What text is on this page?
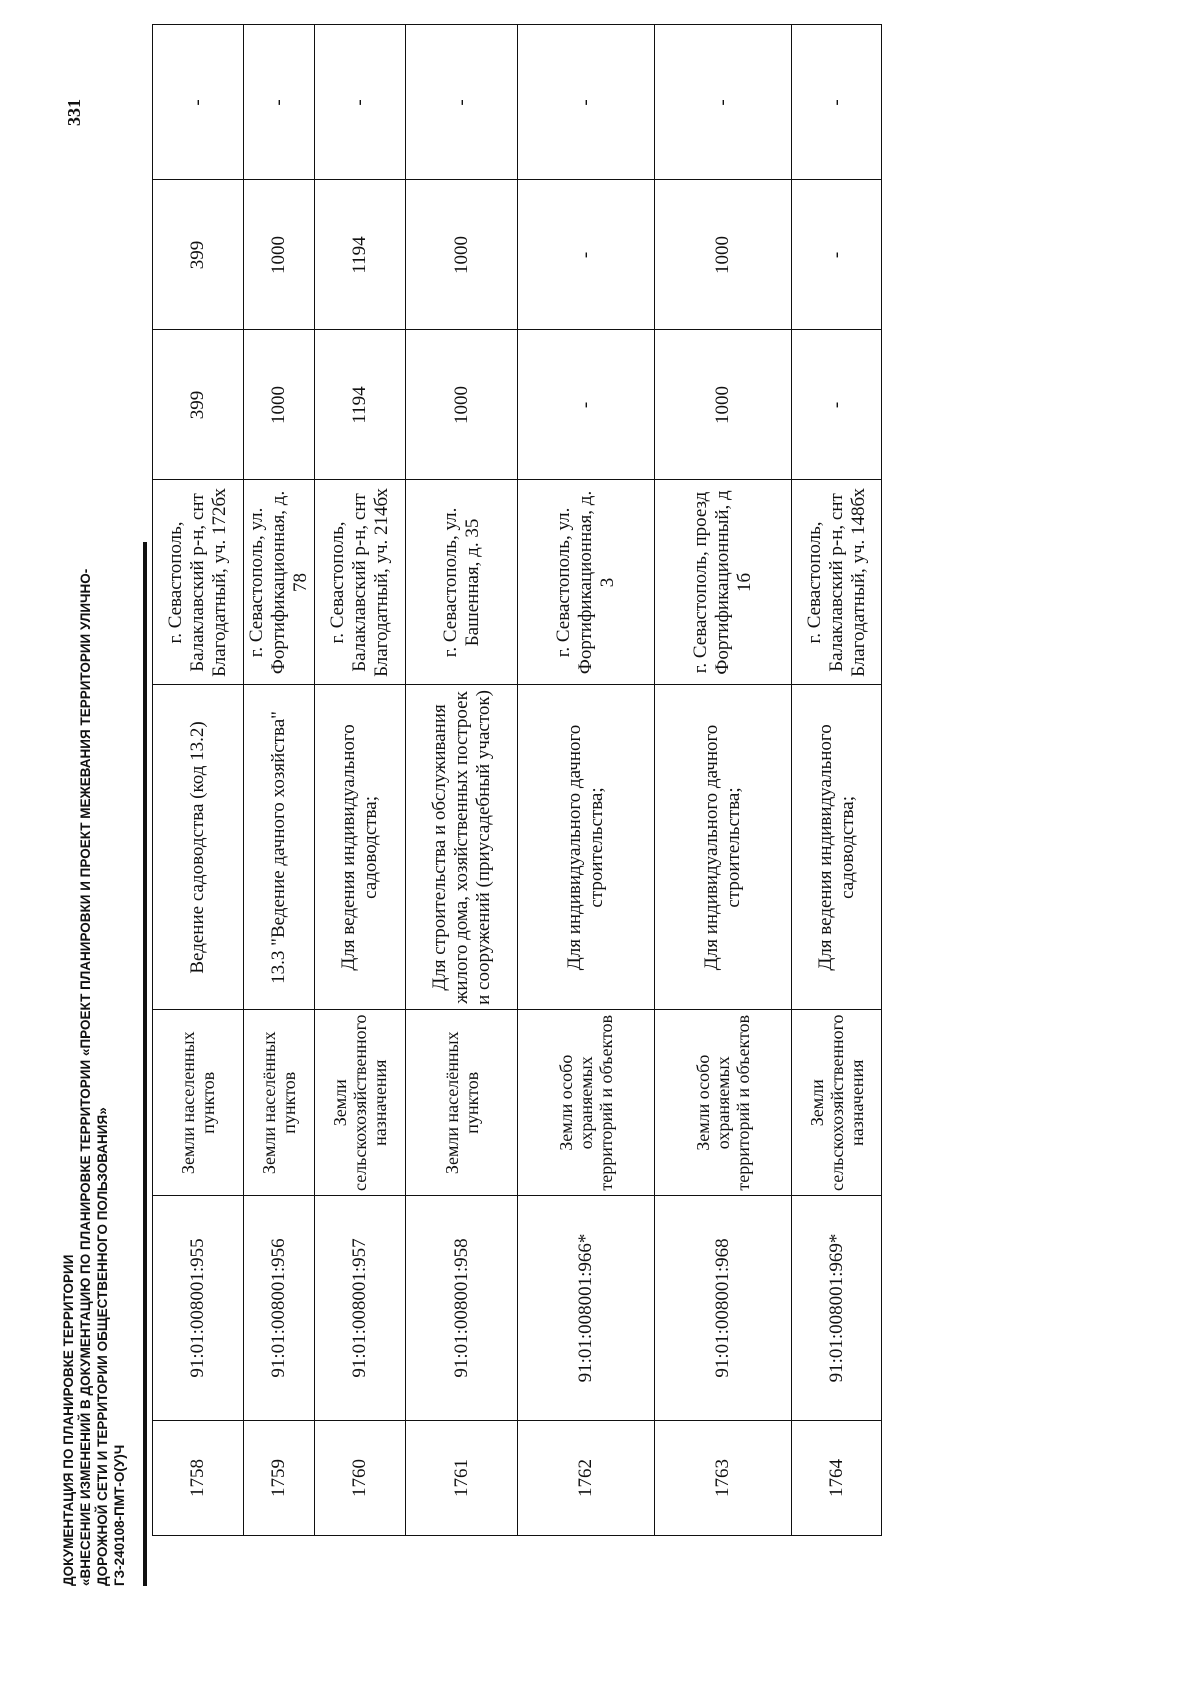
331
ДОКУМЕНТАЦИЯ ПО ПЛАНИРОВКЕ ТЕРРИТОРИИ «ВНЕСЕНИЕ ИЗМЕНЕНИЙ В ДОКУМЕНТАЦИЮ ПО ПЛАНИРОВКЕ ТЕРРИТОРИИ «ПРОЕКТ ПЛАНИРОВКИ И ПРОЕКТ МЕЖЕВАНИЯ ТЕРРИТОРИИ УЛИЧНО- ДОРОЖНОЙ СЕТИ И ТЕРРИТОРИИ ОБЩЕСТВЕННОГО ПОЛЬЗОВАНИЯ» ГЗ-240108-ПМТ-О(У)Ч	1758	91:01:008001:955	Земли населенных пунктов	Ведение садоводства (код 13.2)	г. Севастополь, Балаклавский р-н, снт Благодатный, уч. 172бх	399	399	-
1759	91:01:008001:956	Земли населённых пунктов	13.3 "Ведение дачного хозяйства"	г. Севастополь, ул. Фортификационная, д. 78	1000	1000	-
1760	91:01:008001:957	Земли сельскохозяйственного назначения	Для ведения индивидуального садоводства;	г. Севастополь, Балаклавский р-н, снт Благодатный, уч. 214бх	1194	1194	-
1761	91:01:008001:958	Земли населённых пунктов	Для строительства и обслуживания жилого дома, хозяйственных построек и сооружений (приусадебный участок)	г. Севастополь, ул. Башенная, д. 35	1000	1000	-
1762	91:01:008001:966*	Земли особо охраняемых территорий и объектов	Для индивидуального дачного строительства;	г. Севастополь, ул. Фортификационная, д. 3	-	-	-
1763	91:01:008001:968	Земли особо охраняемых территорий и объектов	Для индивидуального дачного строительства;	г. Севастополь, проезд Фортификационный, д 1б	1000	1000	-
1764	91:01:008001:969*	Земли сельскохозяйственного назначения	Для ведения индивидуального садоводства;	г. Севастополь, Балаклавский р-н, снт Благодатный, уч. 148бх	-	-	-
